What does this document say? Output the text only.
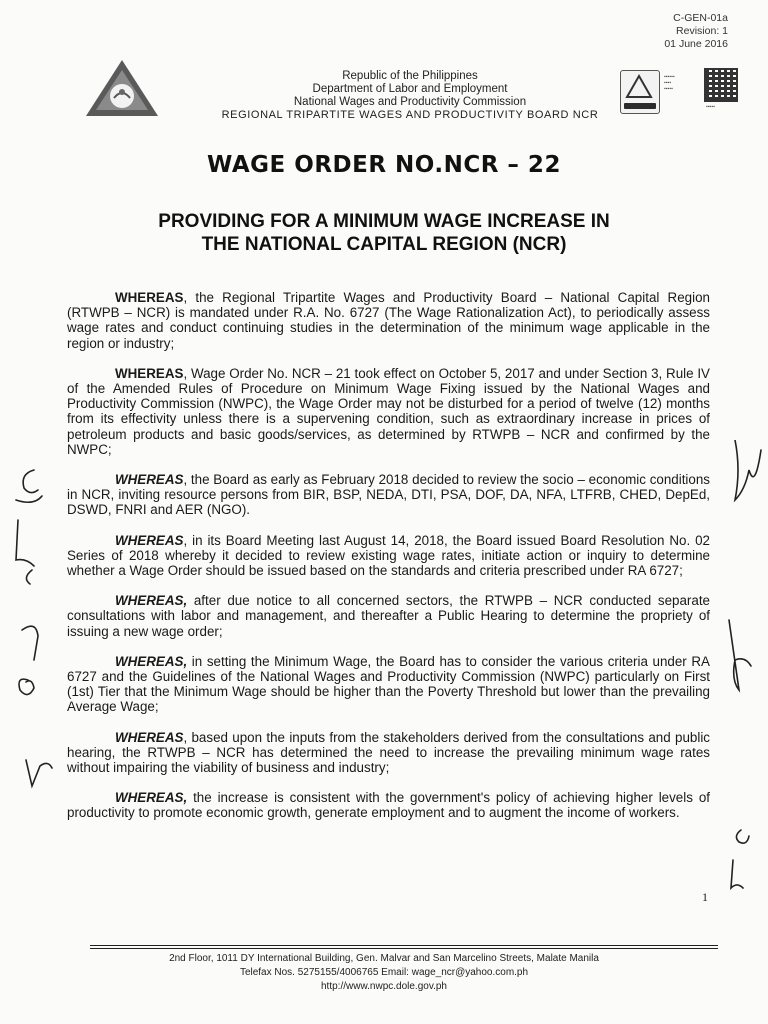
C-GEN-01a
Revision: 1
01 June 2016
Republic of the Philippines
Department of Labor and Employment
National Wages and Productivity Commission
REGIONAL TRIPARTITE WAGES AND PRODUCTIVITY BOARD NCR
▪▪▪▪▪▪
▪▪▪▪
▪▪▪▪▪
▪▪▪▪▪
WAGE ORDER NO.NCR – 22
PROVIDING FOR A MINIMUM WAGE INCREASE IN
THE NATIONAL CAPITAL REGION (NCR)

WHEREAS, the Regional Tripartite Wages and Productivity Board – National Capital Region (RTWPB – NCR) is mandated under R.A. No. 6727 (The Wage Rationalization Act), to periodically assess wage rates and conduct continuing studies in the determination of the minimum wage applicable in the region or industry;

WHEREAS, Wage Order No. NCR – 21 took effect on October 5, 2017 and under Section 3, Rule IV of the Amended Rules of Procedure on Minimum Wage Fixing issued by the National Wages and Productivity Commission (NWPC), the Wage Order may not be disturbed for a period of twelve (12) months from its effectivity unless there is a supervening condition, such as extraordinary increase in prices of petroleum products and basic goods/services, as determined by RTWPB – NCR and confirmed by the NWPC;

WHEREAS, the Board as early as February 2018 decided to review the socio – economic conditions in NCR, inviting resource persons from BIR, BSP, NEDA, DTI, PSA, DOF, DA, NFA, LTFRB, CHED, DepEd, DSWD, FNRI and AER (NGO).

WHEREAS, in its Board Meeting last August 14, 2018, the Board issued Board Resolution No. 02 Series of 2018 whereby it decided to review existing wage rates, initiate action or inquiry to determine whether a Wage Order should be issued based on the standards and criteria prescribed under RA 6727;

WHEREAS, after due notice to all concerned sectors, the RTWPB – NCR conducted separate consultations with labor and management, and thereafter a Public Hearing to determine the propriety of issuing a new wage order;

WHEREAS, in setting the Minimum Wage, the Board has to consider the various criteria under RA 6727 and the Guidelines of the National Wages and Productivity Commission (NWPC) particularly on First (1st) Tier that the Minimum Wage should be higher than the Poverty Threshold but lower than the prevailing Average Wage;

WHEREAS, based upon the inputs from the stakeholders derived from the consultations and public hearing, the RTWPB – NCR has determined the need to increase the prevailing minimum wage rates without impairing the viability of business and industry;

WHEREAS, the increase is consistent with the government's policy of achieving higher levels of productivity to promote economic growth, generate employment and to augment the income of workers.

1
2nd Floor, 1011 DY International Building, Gen. Malvar and San Marcelino Streets, Malate Manila
Telefax Nos. 5275155/4006765 Email: wage_ncr@yahoo.com.ph
http://www.nwpc.dole.gov.ph
